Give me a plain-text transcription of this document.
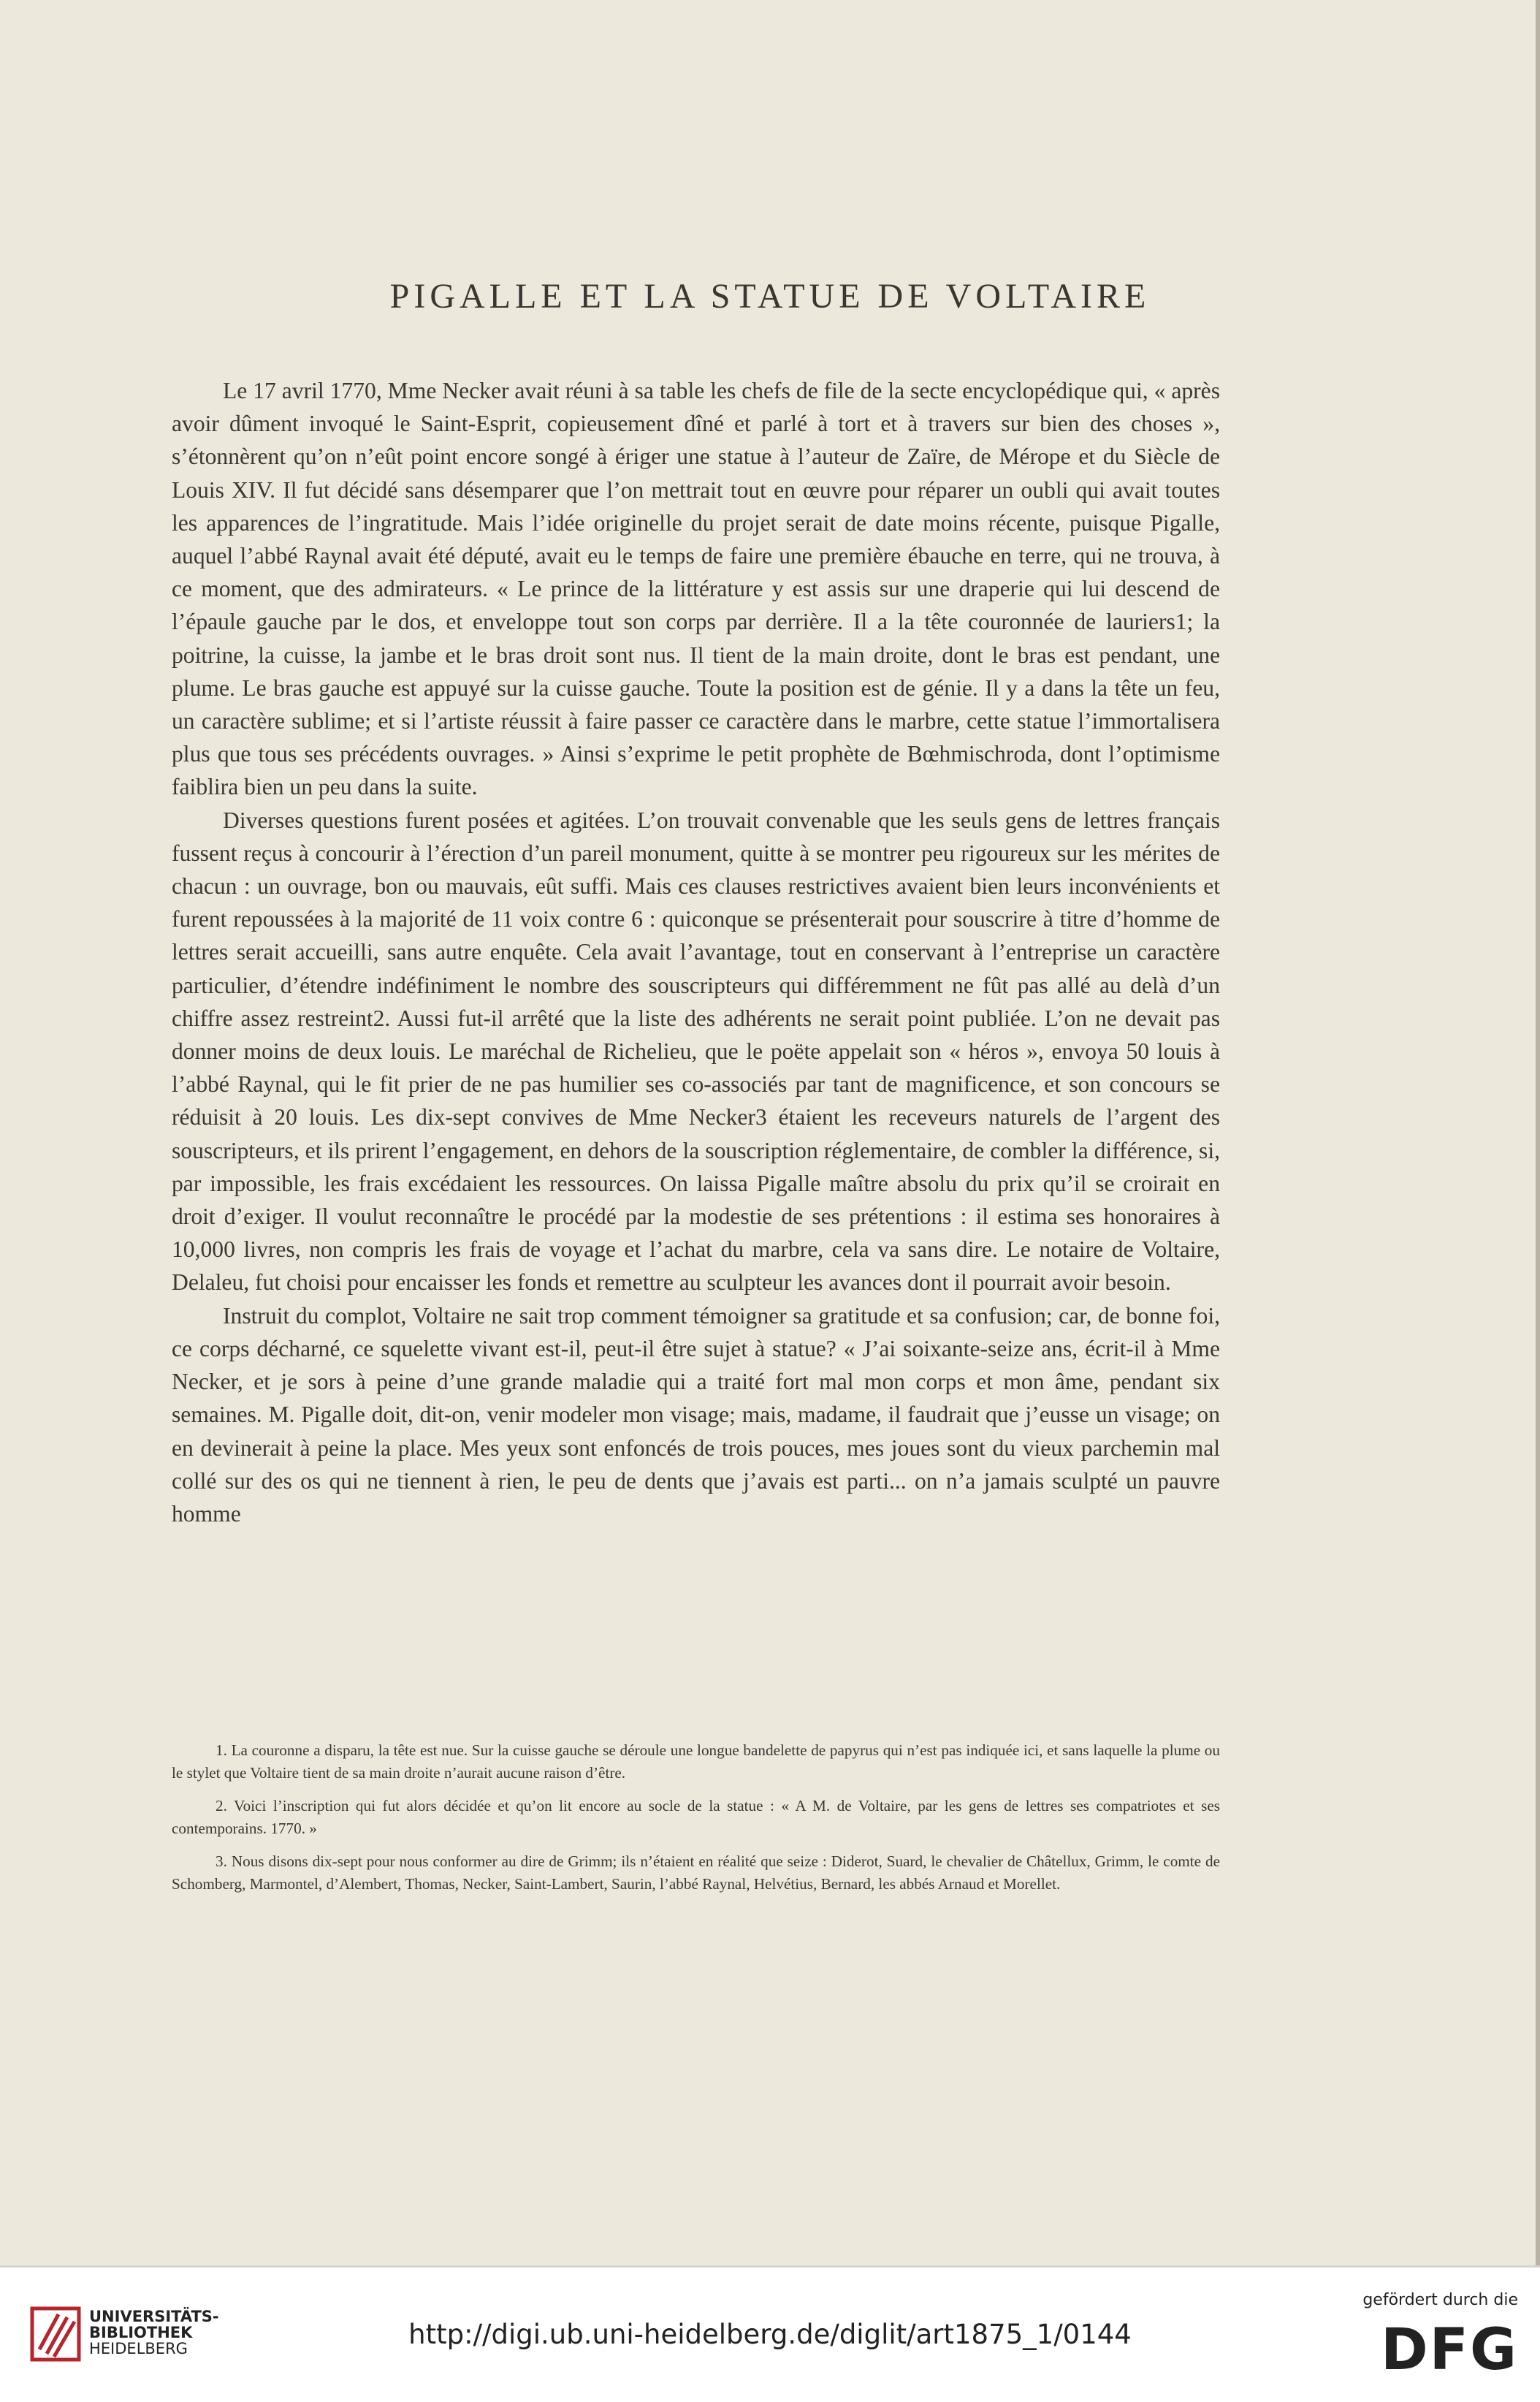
PIGALLE ET LA STATUE DE VOLTAIRE

Le 17 avril 1770, Mme Necker avait réuni à sa table les chefs de file de la secte encyclopédique qui, « après avoir dûment invoqué le Saint-Esprit, copieusement dîné et parlé à tort et à travers sur bien des choses », s’étonnèrent qu’on n’eût point encore songé à ériger une statue à l’auteur de Zaïre, de Mérope et du Siècle de Louis XIV. Il fut décidé sans désemparer que l’on mettrait tout en œuvre pour réparer un oubli qui avait toutes les apparences de l’ingratitude. Mais l’idée originelle du projet serait de date moins récente, puisque Pigalle, auquel l’abbé Raynal avait été député, avait eu le temps de faire une première ébauche en terre, qui ne trouva, à ce moment, que des admirateurs. « Le prince de la littérature y est assis sur une draperie qui lui descend de l’épaule gauche par le dos, et enveloppe tout son corps par derrière. Il a la tête couronnée de lauriers1; la poitrine, la cuisse, la jambe et le bras droit sont nus. Il tient de la main droite, dont le bras est pendant, une plume. Le bras gauche est appuyé sur la cuisse gauche. Toute la position est de génie. Il y a dans la tête un feu, un caractère sublime; et si l’artiste réussit à faire passer ce caractère dans le marbre, cette statue l’immortalisera plus que tous ses précédents ouvrages. » Ainsi s’exprime le petit prophète de Bœhmischroda, dont l’optimisme faiblira bien un peu dans la suite.

Diverses questions furent posées et agitées. L’on trouvait convenable que les seuls gens de lettres français fussent reçus à concourir à l’érection d’un pareil monument, quitte à se montrer peu rigoureux sur les mérites de chacun : un ouvrage, bon ou mauvais, eût suffi. Mais ces clauses restrictives avaient bien leurs inconvénients et furent repoussées à la majorité de 11 voix contre 6 : quiconque se présenterait pour souscrire à titre d’homme de lettres serait accueilli, sans autre enquête. Cela avait l’avantage, tout en conservant à l’entreprise un caractère particulier, d’étendre indéfiniment le nombre des souscripteurs qui différemment ne fût pas allé au delà d’un chiffre assez restreint2. Aussi fut-il arrêté que la liste des adhérents ne serait point publiée. L’on ne devait pas donner moins de deux louis. Le maréchal de Richelieu, que le poëte appelait son « héros », envoya 50 louis à l’abbé Raynal, qui le fit prier de ne pas humilier ses co-associés par tant de magnificence, et son concours se réduisit à 20 louis. Les dix-sept convives de Mme Necker3 étaient les receveurs naturels de l’argent des souscripteurs, et ils prirent l’engagement, en dehors de la souscription réglementaire, de combler la différence, si, par impossible, les frais excédaient les ressources. On laissa Pigalle maître absolu du prix qu’il se croirait en droit d’exiger. Il voulut reconnaître le procédé par la modestie de ses prétentions : il estima ses honoraires à 10,000 livres, non compris les frais de voyage et l’achat du marbre, cela va sans dire. Le notaire de Voltaire, Delaleu, fut choisi pour encaisser les fonds et remettre au sculpteur les avances dont il pourrait avoir besoin.

Instruit du complot, Voltaire ne sait trop comment témoigner sa gratitude et sa confusion; car, de bonne foi, ce corps décharné, ce squelette vivant est-il, peut-il être sujet à statue? « J’ai soixante-seize ans, écrit-il à Mme Necker, et je sors à peine d’une grande maladie qui a traité fort mal mon corps et mon âme, pendant six semaines. M. Pigalle doit, dit-on, venir modeler mon visage; mais, madame, il faudrait que j’eusse un visage; on en devinerait à peine la place. Mes yeux sont enfoncés de trois pouces, mes joues sont du vieux parchemin mal collé sur des os qui ne tiennent à rien, le peu de dents que j’avais est parti... on n’a jamais sculpté un pauvre homme

1. La couronne a disparu, la tête est nue. Sur la cuisse gauche se déroule une longue bandelette de papyrus qui n’est pas indiquée ici, et sans laquelle la plume ou le stylet que Voltaire tient de sa main droite n’aurait aucune raison d’être.

2. Voici l’inscription qui fut alors décidée et qu’on lit encore au socle de la statue : « A M. de Voltaire, par les gens de lettres ses compatriotes et ses contemporains. 1770. »

3. Nous disons dix-sept pour nous conformer au dire de Grimm; ils n’étaient en réalité que seize : Diderot, Suard, le chevalier de Châtellux, Grimm, le comte de Schomberg, Marmontel, d’Alembert, Thomas, Necker, Saint-Lambert, Saurin, l’abbé Raynal, Helvétius, Bernard, les abbés Arnaud et Morellet.

UNIVERSITÄTS-
BIBLIOTHEK
HEIDELBERG	http://digi.ub.uni-heidelberg.de/diglit/art1875_1/0144
gefördert durch die
DFG
